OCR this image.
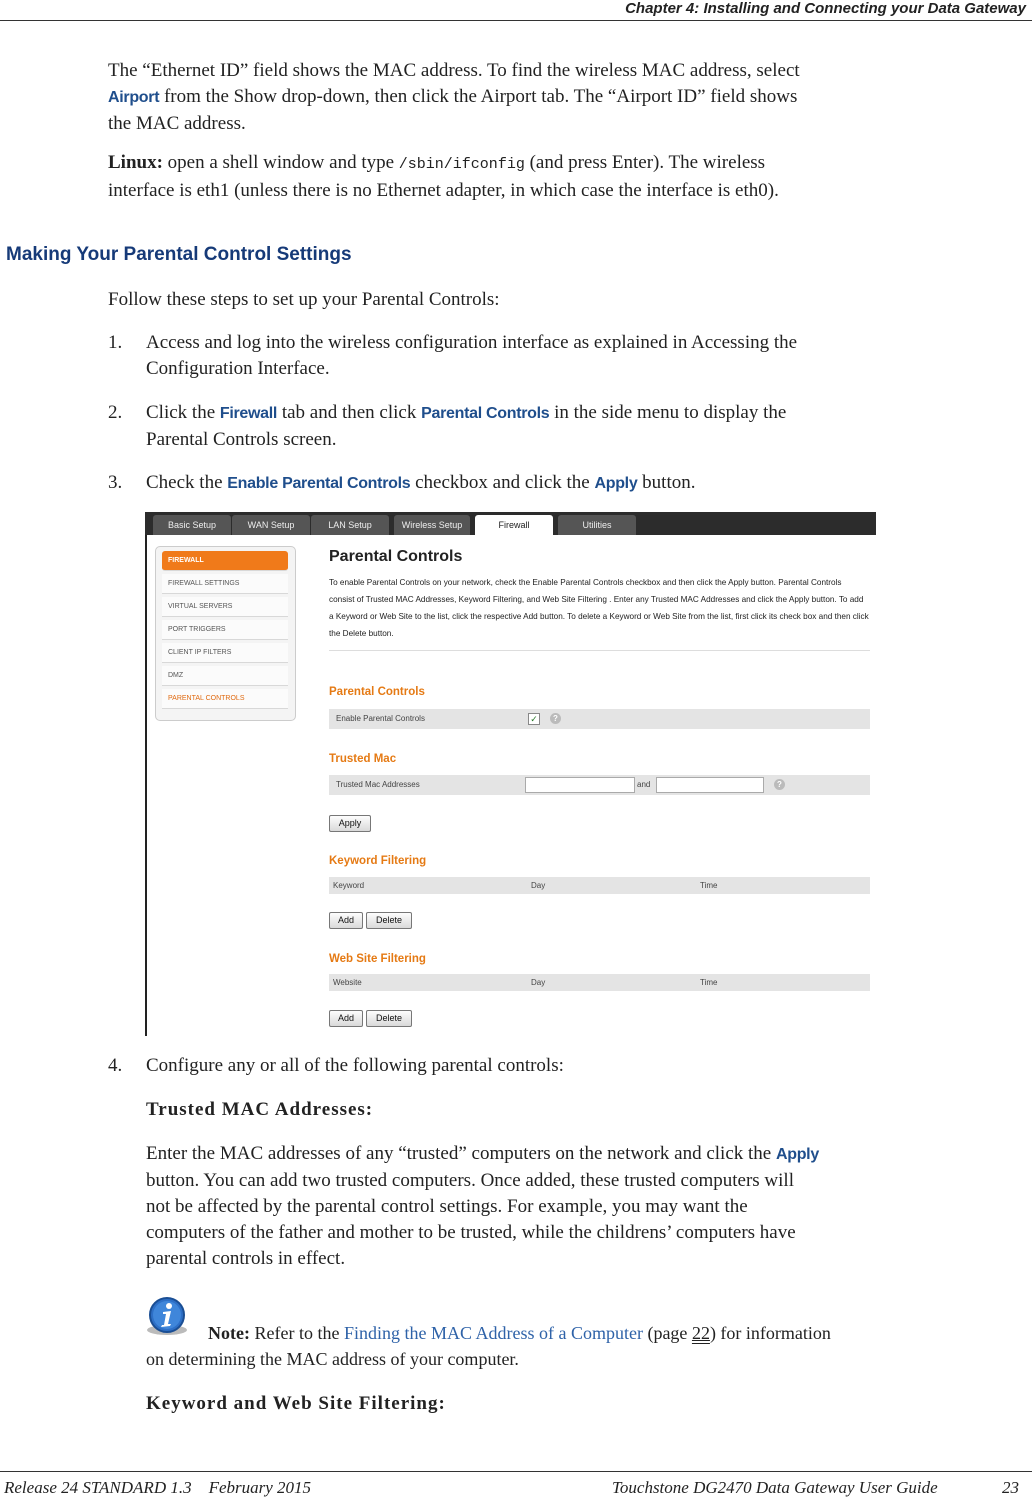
Chapter 4: Installing and Connecting your Data Gateway
The “Ethernet ID” field shows the MAC address. To find the wireless MAC address, select
Airport from the Show drop-down, then click the Airport tab. The “Airport ID” field shows
the MAC address.
Linux: open a shell window and type /sbin/ifconfig (and press Enter). The wireless
interface is eth1 (unless there is no Ethernet adapter, in which case the interface is eth0).
Making Your Parental Control Settings
Follow these steps to set up your Parental Controls:
1. Access and log into the wireless configuration interface as explained in Accessing the
Configuration Interface.
2. Click the Firewall tab and then click Parental Controls in the side menu to display the
Parental Controls screen.
3. Check the Enable Parental Controls checkbox and click the Apply button.
Basic Setup	WAN Setup	LAN Setup	Wireless Setup	Firewall	Utilities
FIREWALL
FIREWALL SETTINGS
VIRTUAL SERVERS
PORT TRIGGERS
CLIENT IP FILTERS
DMZ
PARENTAL CONTROLS
Parental Controls
To enable Parental Controls on your network, check the Enable Parental Controls checkbox and then click the Apply button. Parental Controls consist of Trusted MAC Addresses, Keyword Filtering, and Web Site Filtering . Enter any Trusted MAC Addresses and click the Apply button. To add a Keyword or Web Site to the list, click the respective Add button. To delete a Keyword or Web Site from the list, first click its check box and then click the Delete button.
Parental Controls
Enable Parental Controls	✓	?
Trusted Mac
Trusted Mac Addresses	and	?
Apply
Keyword Filtering
Keyword	Day	Time
Add	Delete
Web Site Filtering
Website	Day	Time
Add	Delete
4. Configure any or all of the following parental controls:
Trusted MAC Addresses:
Enter the MAC addresses of any “trusted” computers on the network and click the Apply
button. You can add two trusted computers. Once added, these trusted computers will
not be affected by the parental control settings. For example, you may want the
computers of the father and mother to be trusted, while the childrens’ computers have
parental controls in effect.
Note: Refer to the Finding the MAC Address of a Computer (page 22) for information
on determining the MAC address of your computer.
Keyword and Web Site Filtering:
Release 24 STANDARD 1.3    February 2015	Touchstone DG2470 Data Gateway User Guide	23
